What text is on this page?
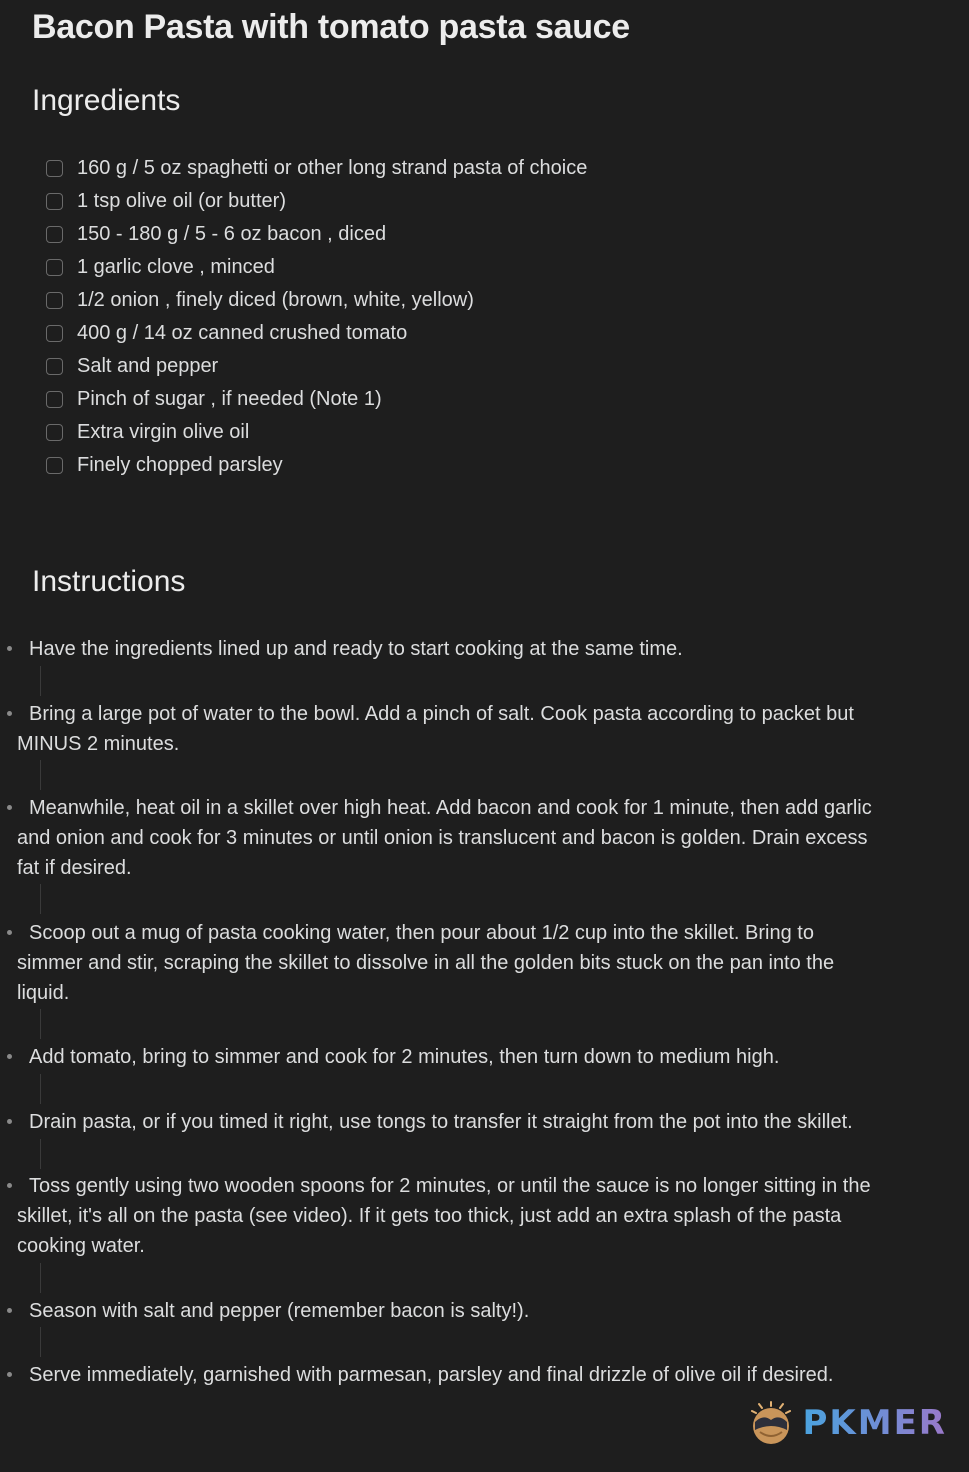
Bacon Pasta with tomato pasta sauce
Ingredients
160 g / 5 oz spaghetti or other long strand pasta of choice
1 tsp olive oil (or butter)
150 - 180 g / 5 - 6 oz bacon , diced
1 garlic clove , minced
1/2 onion , finely diced (brown, white, yellow)
400 g / 14 oz canned crushed tomato
Salt and pepper
Pinch of sugar , if needed (Note 1)
Extra virgin olive oil
Finely chopped parsley
Instructions
Have the ingredients lined up and ready to start cooking at the same time.
Bring a large pot of water to the bowl. Add a pinch of salt. Cook pasta according to packet but MINUS 2 minutes.
Meanwhile, heat oil in a skillet over high heat. Add bacon and cook for 1 minute, then add garlic and onion and cook for 3 minutes or until onion is translucent and bacon is golden. Drain excess fat if desired.
Scoop out a mug of pasta cooking water, then pour about 1/2 cup into the skillet. Bring to simmer and stir, scraping the skillet to dissolve in all the golden bits stuck on the pan into the liquid.
Add tomato, bring to simmer and cook for 2 minutes, then turn down to medium high.
Drain pasta, or if you timed it right, use tongs to transfer it straight from the pot into the skillet.
Toss gently using two wooden spoons for 2 minutes, or until the sauce is no longer sitting in the skillet, it's all on the pasta (see video). If it gets too thick, just add an extra splash of the pasta cooking water.
Season with salt and pepper (remember bacon is salty!).
Serve immediately, garnished with parmesan, parsley and final drizzle of olive oil if desired.
PKMER
